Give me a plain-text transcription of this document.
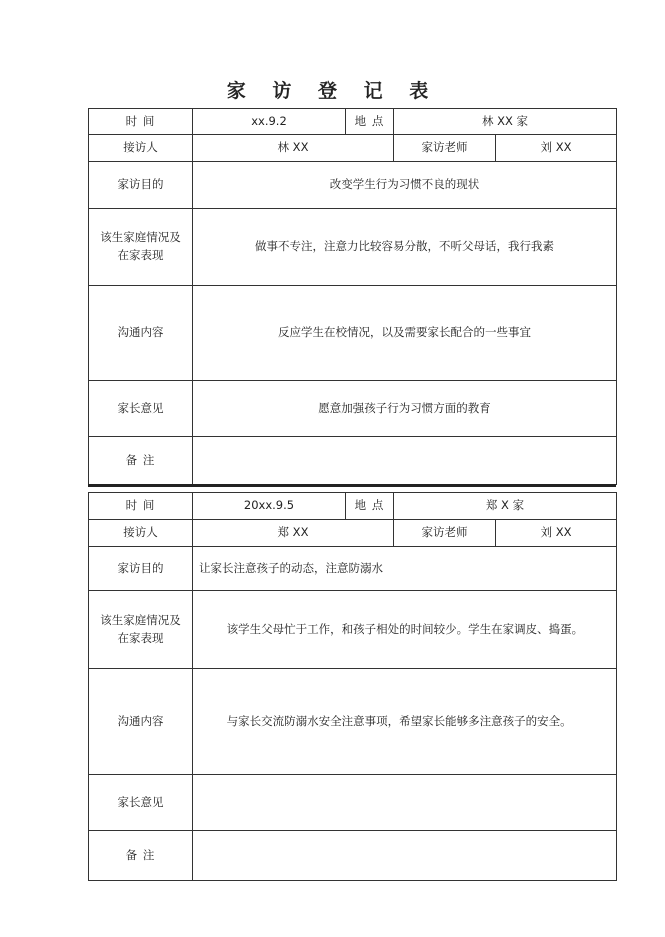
家 访 登 记 表
时 间	xx.9.2	地 点	林 XX 家	
接访人	林 XX		家访老师	刘 XX
家访目的	改变学生行为习惯不良的现状			
该生家庭情况及在家表现	做事不专注，注意力比较容易分散，不听父母话，我行我素			
沟通内容	反应学生在校情况，以及需要家长配合的一些事宜			
家长意见	愿意加强孩子行为习惯方面的教育			
备 注				
时 间	20xx.9.5	地 点	郑 X 家	
接访人	郑 XX		家访老师	刘 XX
家访目的	让家长注意孩子的动态，注意防溺水			
该生家庭情况及在家表现	该学生父母忙于工作，和孩子相处的时间较少。学生在家调皮、捣蛋。			

沟通内容	与家长交流防溺水安全注意事项，希望家长能够多注意孩子的安全。			

家长意见				
备 注				
